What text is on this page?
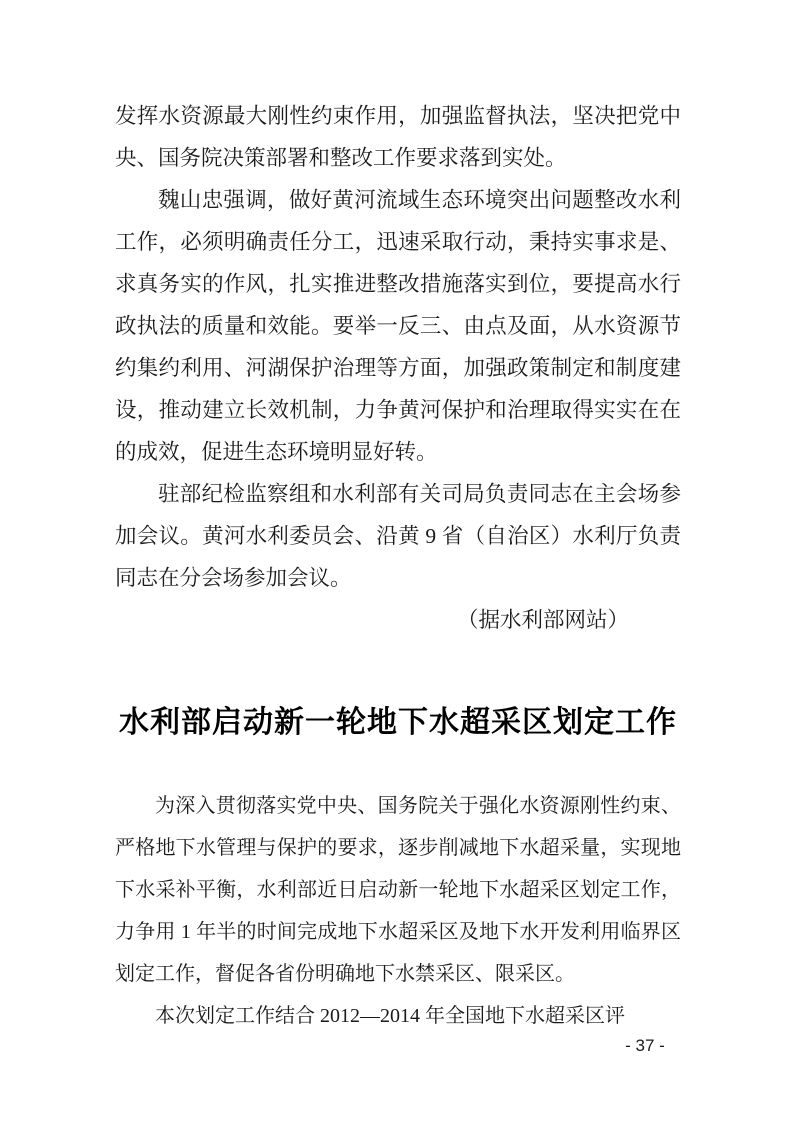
发挥水资源最大刚性约束作用，加强监督执法，坚决把党中央、国务院决策部署和整改工作要求落到实处。

魏山忠强调，做好黄河流域生态环境突出问题整改水利工作，必须明确责任分工，迅速采取行动，秉持实事求是、求真务实的作风，扎实推进整改措施落实到位，要提高水行政执法的质量和效能。要举一反三、由点及面，从水资源节约集约利用、河湖保护治理等方面，加强政策制定和制度建设，推动建立长效机制，力争黄河保护和治理取得实实在在的成效，促进生态环境明显好转。

驻部纪检监察组和水利部有关司局负责同志在主会场参加会议。黄河水利委员会、沿黄 9 省（自治区）水利厅负责同志在分会场参加会议。

（据水利部网站）

水利部启动新一轮地下水超采区划定工作

为深入贯彻落实党中央、国务院关于强化水资源刚性约束、严格地下水管理与保护的要求，逐步削减地下水超采量，实现地下水采补平衡，水利部近日启动新一轮地下水超采区划定工作，力争用 1 年半的时间完成地下水超采区及地下水开发利用临界区划定工作，督促各省份明确地下水禁采区、限采区。

本次划定工作结合 2012—2014 年全国地下水超采区评

- 37 -
